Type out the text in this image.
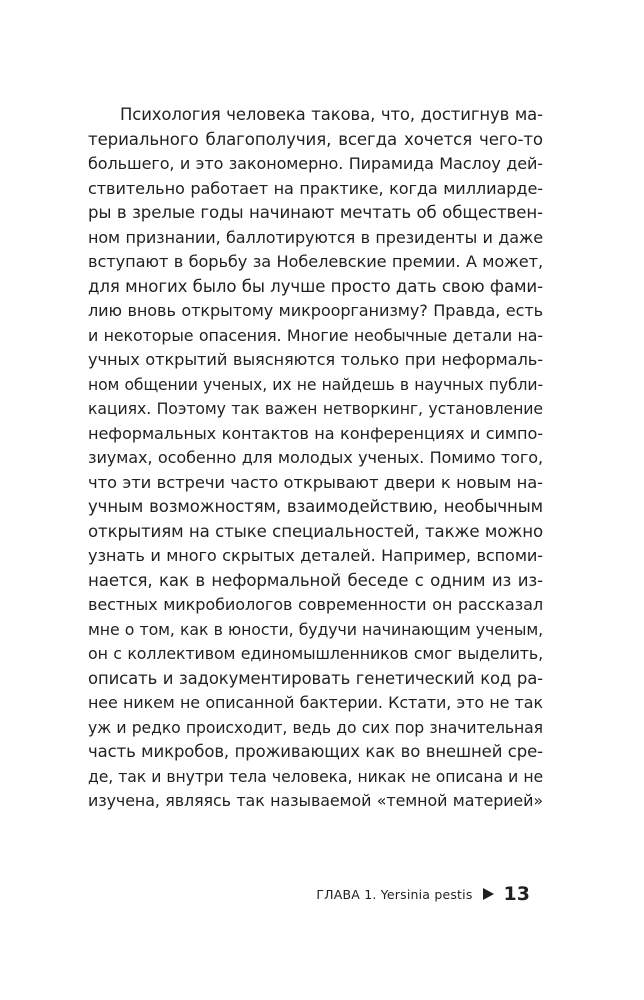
Психология человека такова, что, достигнув ма-
териального благополучия, всегда хочется чего-то
большего, и это закономерно. Пирамида Маслоу дей-
ствительно работает на практике, когда миллиарде-
ры в зрелые годы начинают мечтать об обществен-
ном признании, баллотируются в президенты и даже
вступают в борьбу за Нобелевские премии. А может,
для многих было бы лучше просто дать свою фами-
лию вновь открытому микроорганизму? Правда, есть
и некоторые опасения. Многие необычные детали на-
учных открытий выясняются только при неформаль-
ном общении ученых, их не найдешь в научных публи-
кациях. Поэтому так важен нетворкинг, установление
неформальных контактов на конференциях и симпо-
зиумах, особенно для молодых ученых. Помимо того,
что эти встречи часто открывают двери к новым на-
учным возможностям, взаимодействию, необычным
открытиям на стыке специальностей, также можно
узнать и много скрытых деталей. Например, вспоми-
нается, как в неформальной беседе с одним из из-
вестных микробиологов современности он рассказал
мне о том, как в юности, будучи начинающим ученым,
он с коллективом единомышленников смог выделить,
описать и задокументировать генетический код ра-
нее никем не описанной бактерии. Кстати, это не так
уж и редко происходит, ведь до сих пор значительная
часть микробов, проживающих как во внешней сре-
де, так и внутри тела человека, никак не описана и не
изучена, являясь так называемой «темной материей»
ГЛАВА 1. Yersinia pestis 13
